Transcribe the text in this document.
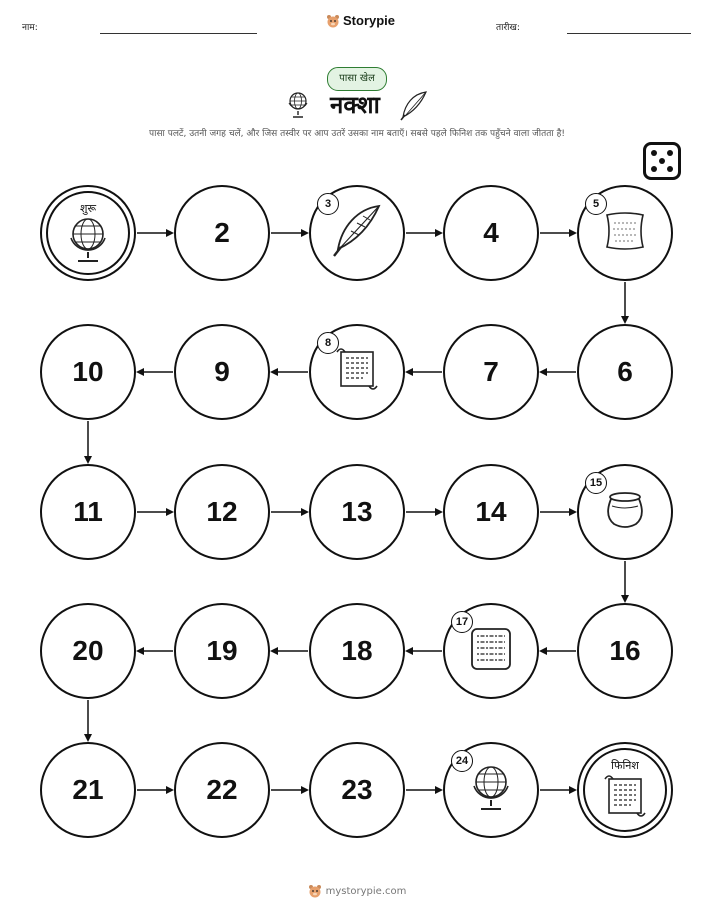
नाम:	Storypie	तारीख:
पासा खेल
नक्शा
पासा पलटें, उतनी जगह चलें, और जिस तस्वीर पर आप उतरें उसका नाम बताएँ। सबसे पहले फिनिश तक पहुँचने वाला जीतता है!
शुरू
2
3
4
5
6
7
8
9
10
11	12	13	14
15
16
17
18
19
20
21	22	23
24	फिनिश
mystorypie.com
